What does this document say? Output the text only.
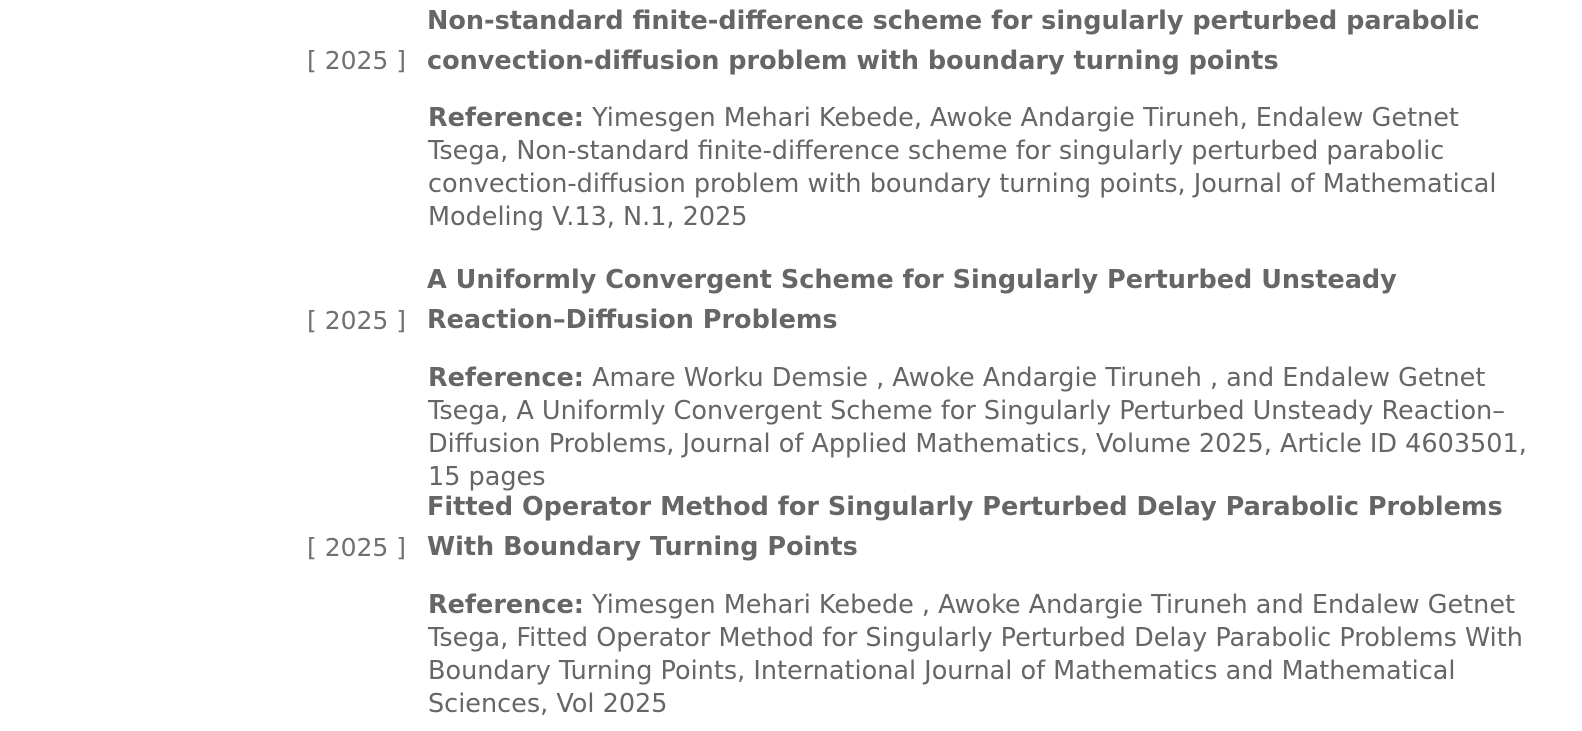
[ 2025 ]
Non-standard finite-difference scheme for singularly perturbed parabolic convection-diffusion problem with boundary turning points

Reference: Yimesgen Mehari Kebede, Awoke Andargie Tiruneh, Endalew Getnet Tsega, Non-standard finite-difference scheme for singularly perturbed parabolic convection-diffusion problem with boundary turning points, Journal of Mathematical Modeling V.13, N.1, 2025

[ 2025 ]
A Uniformly Convergent Scheme for Singularly Perturbed Unsteady Reaction–Diffusion Problems

Reference: Amare Worku Demsie , Awoke Andargie Tiruneh , and Endalew Getnet Tsega, A Uniformly Convergent Scheme for Singularly Perturbed Unsteady Reaction–Diffusion Problems, Journal of Applied Mathematics, Volume 2025, Article ID 4603501, 15 pages

[ 2025 ]
Fitted Operator Method for Singularly Perturbed Delay Parabolic Problems With Boundary Turning Points

Reference: Yimesgen Mehari Kebede , Awoke Andargie Tiruneh and Endalew Getnet Tsega, Fitted Operator Method for Singularly Perturbed Delay Parabolic Problems With Boundary Turning Points, International Journal of Mathematics and Mathematical Sciences, Vol 2025
